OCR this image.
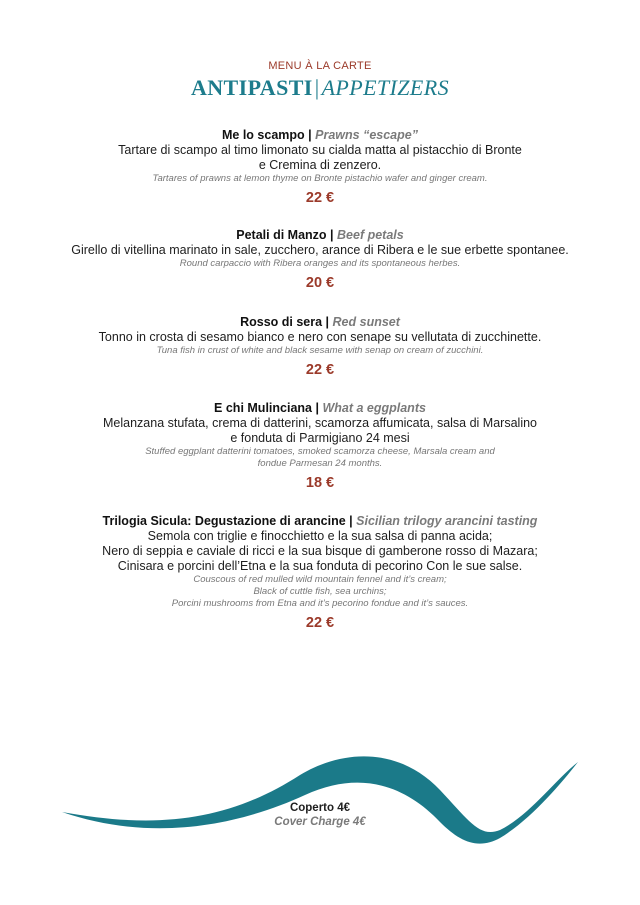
MENU À LA CARTE
ANTIPASTI|APPETIZERS
Me lo scampo | Prawns “escape”
Tartare di scampo al timo limonato su cialda matta al pistacchio di Bronte
e Cremina di zenzero.
Tartares of prawns at lemon thyme on Bronte pistachio wafer and ginger cream.
22 €
Petali di Manzo | Beef petals
Girello di vitellina marinato in sale, zucchero, arance di Ribera e le sue erbette spontanee.
Round carpaccio with Ribera oranges and its spontaneous herbes.
20 €
Rosso di sera | Red sunset
Tonno in crosta di sesamo bianco e nero con senape su vellutata di zucchinette.
Tuna fish in crust of white and black sesame with senap on cream of zucchini.
22 €
E chi Mulinciana | What a eggplants
Melanzana stufata, crema di datterini, scamorza affumicata, salsa di Marsalino
e fonduta di Parmigiano 24 mesi
Stuffed eggplant datterini tomatoes, smoked scamorza cheese, Marsala cream and
fondue Parmesan 24 months.
18 €
Trilogia Sicula: Degustazione di arancine | Sicilian trilogy arancini tasting
Semola con triglie e finocchietto e la sua salsa di panna acida;
Nero di seppia e caviale di ricci e la sua bisque di gamberone rosso di Mazara;
Cinisara e porcini dell’Etna e la sua fonduta di pecorino Con le sue salse.
Couscous of red mulled wild mountain fennel and it’s cream;
Black of cuttle fish, sea urchins;
Porcini mushrooms from Etna and it’s pecorino fondue and it’s sauces.
22 €
Coperto 4€
Cover Charge 4€
